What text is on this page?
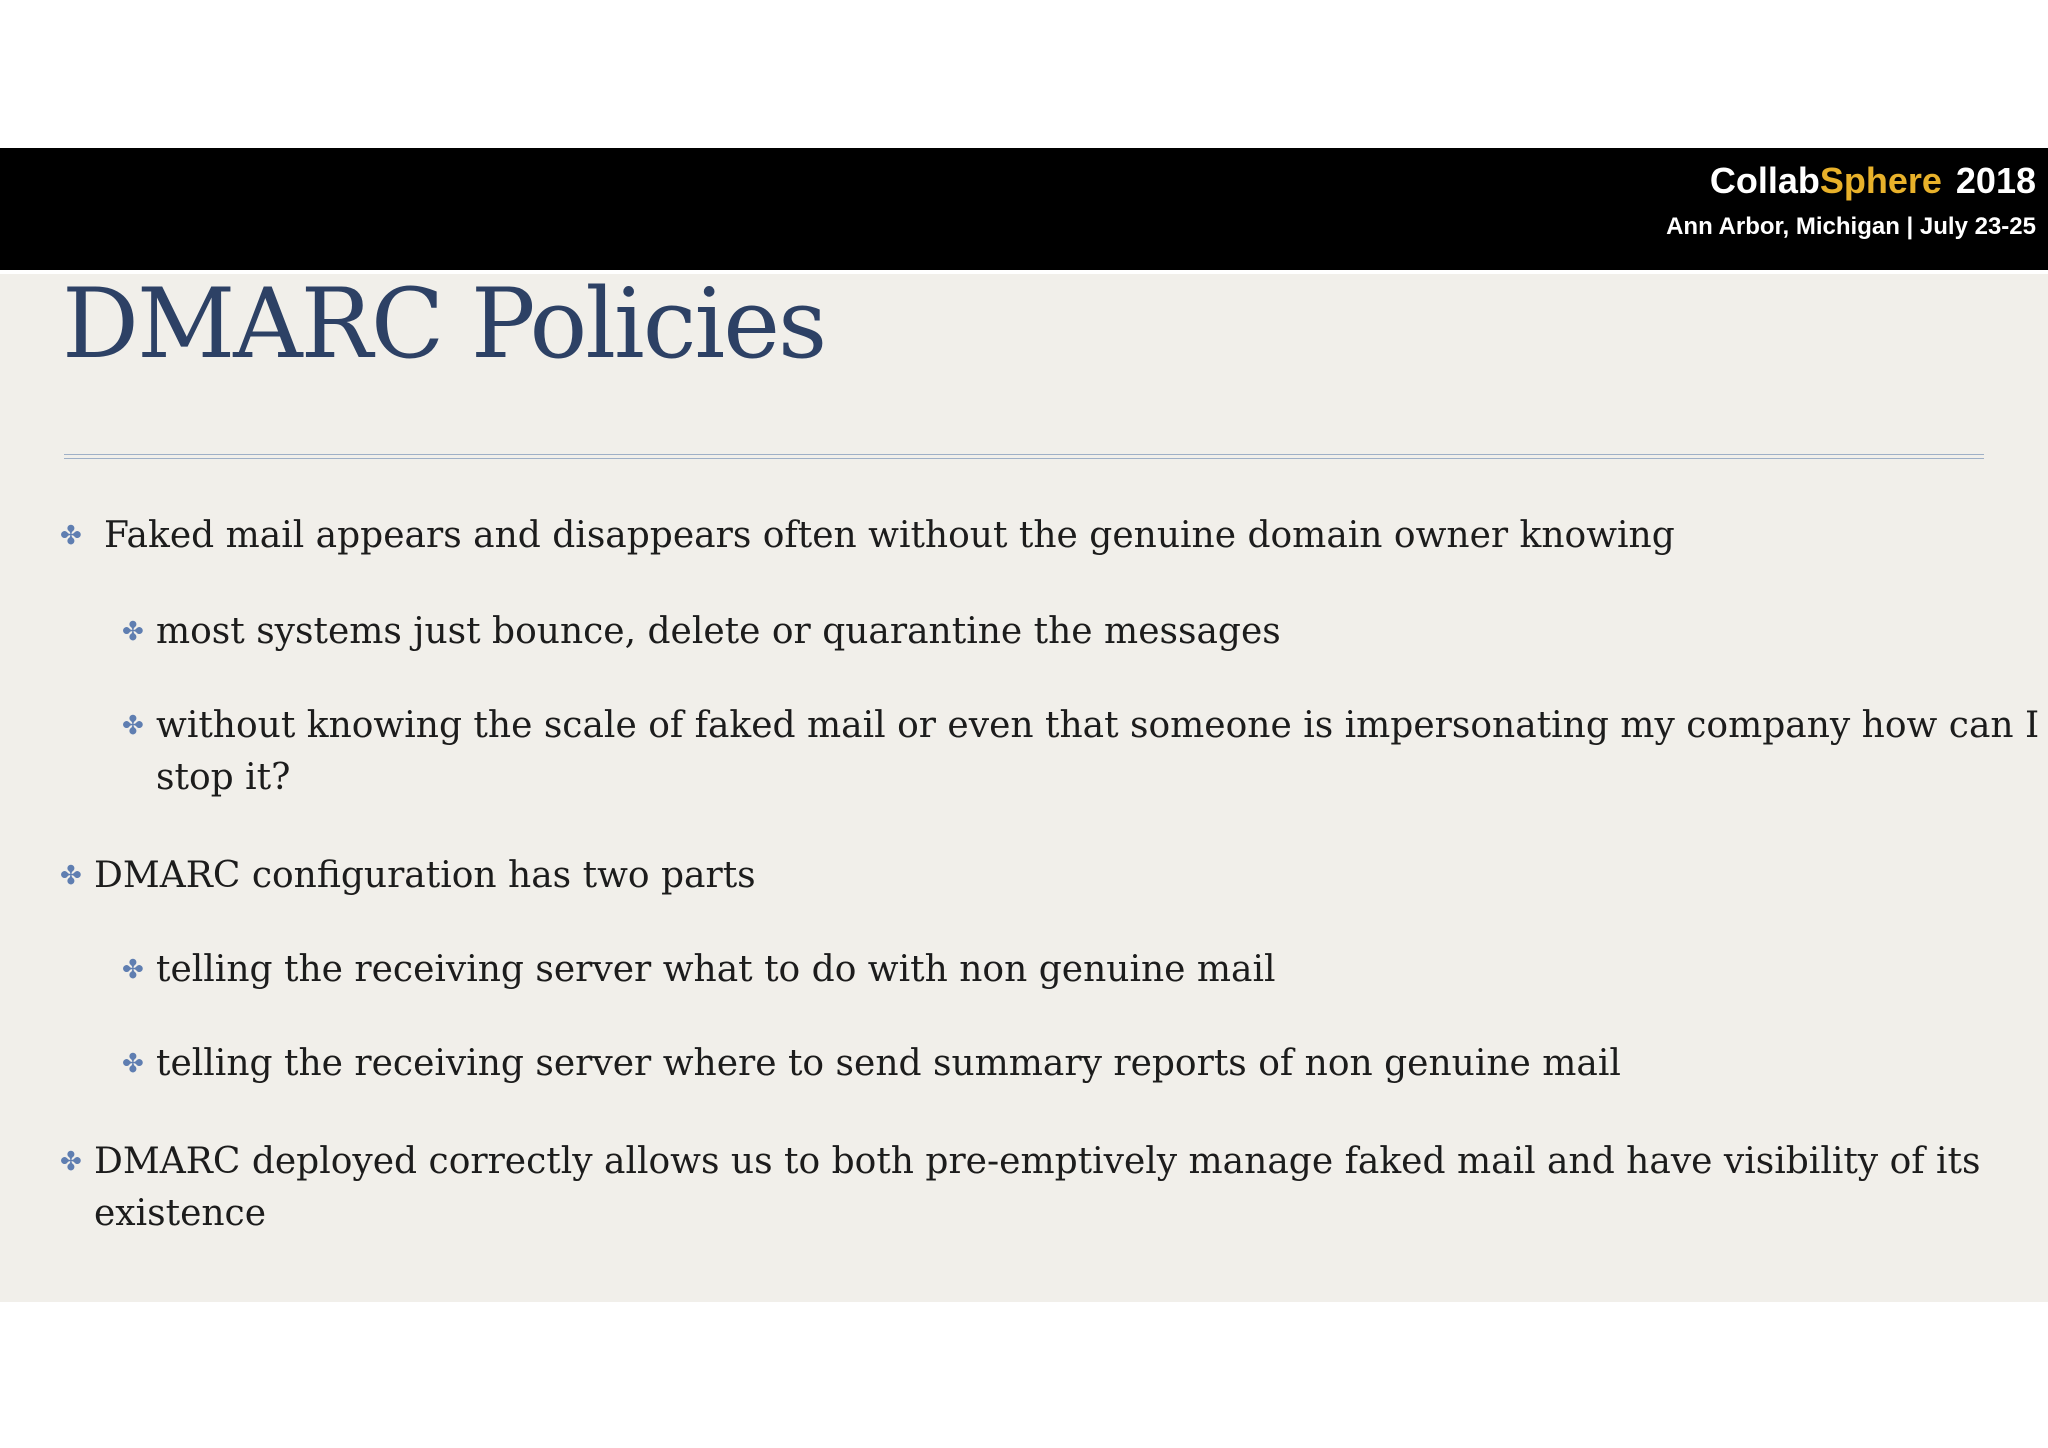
CollabSphere 2018
Ann Arbor, Michigan | July 23-25
DMARC Policies
✤ Faked mail appears and disappears often without the genuine domain owner knowing
✤ most systems just bounce, delete or quarantine the messages
✤ without knowing the scale of faked mail or even that someone is impersonating my company how can I
stop it?
✤ DMARC configuration has two parts
✤ telling the receiving server what to do with non genuine mail
✤ telling the receiving server where to send summary reports of non genuine mail
✤ DMARC deployed correctly allows us to both pre-emptively manage faked mail and have visibility of its
existence
